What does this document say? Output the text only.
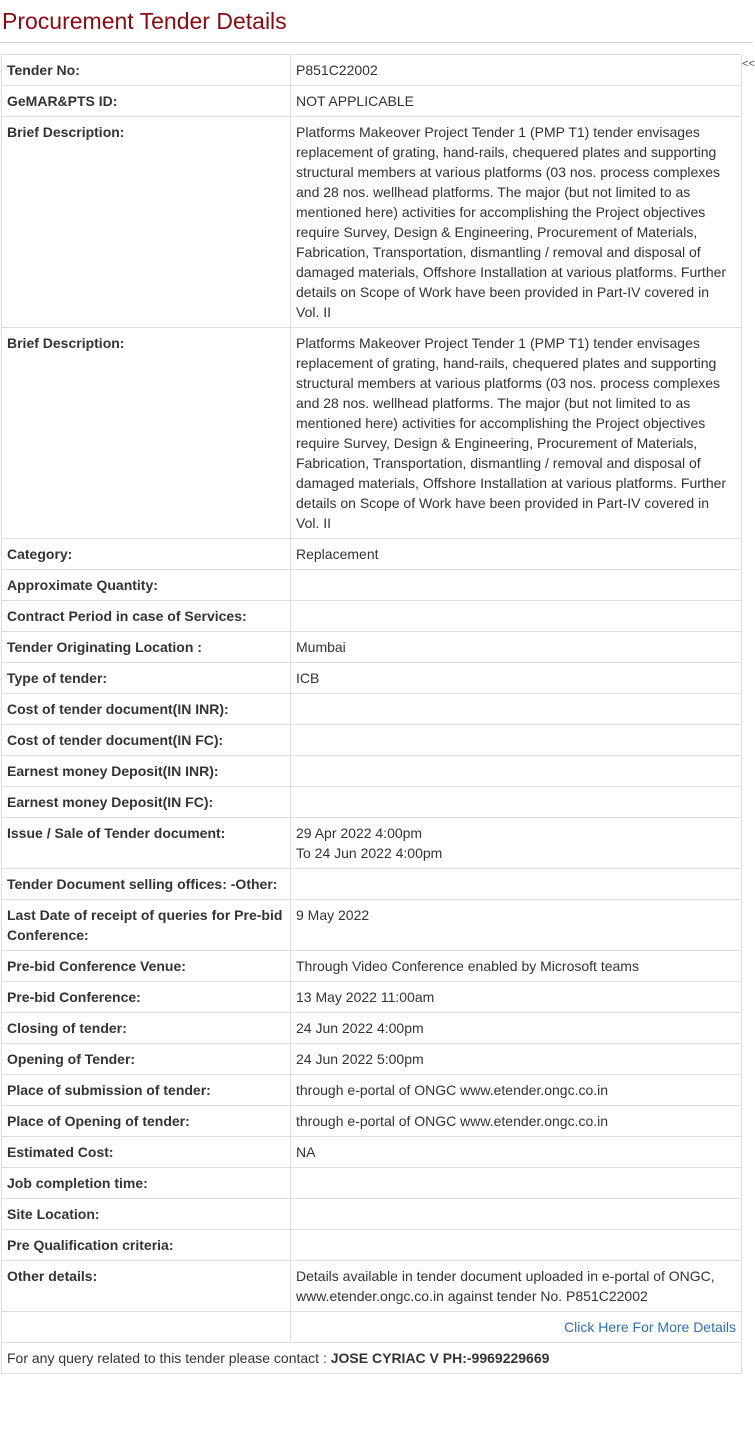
Procurement Tender Details
<<
Tender No:	P851C22002
GeMAR&PTS ID:	NOT APPLICABLE
Brief Description:	Platforms Makeover Project Tender 1 (PMP T1) tender envisages replacement of grating, hand-rails, chequered plates and supporting structural members at various platforms (03 nos. process complexes and 28 nos. wellhead platforms. The major (but not limited to as mentioned here) activities for accomplishing the Project objectives require Survey, Design & Engineering, Procurement of Materials, Fabrication, Transportation, dismantling / removal and disposal of damaged materials, Offshore Installation at various platforms. Further details on Scope of Work have been provided in Part-IV covered in Vol. II
Brief Description:	Platforms Makeover Project Tender 1 (PMP T1) tender envisages replacement of grating, hand-rails, chequered plates and supporting structural members at various platforms (03 nos. process complexes and 28 nos. wellhead platforms. The major (but not limited to as mentioned here) activities for accomplishing the Project objectives require Survey, Design & Engineering, Procurement of Materials, Fabrication, Transportation, dismantling / removal and disposal of damaged materials, Offshore Installation at various platforms. Further details on Scope of Work have been provided in Part-IV covered in Vol. II
Category:	Replacement
Approximate Quantity:	
Contract Period in case of Services:	
Tender Originating Location :	Mumbai
Type of tender:	ICB
Cost of tender document(IN INR):	
Cost of tender document(IN FC):	
Earnest money Deposit(IN INR):	
Earnest money Deposit(IN FC):	
Issue / Sale of Tender document:	29 Apr 2022 4:00pm
To 24 Jun 2022 4:00pm

Tender Document selling offices: -Other:	
Last Date of receipt of queries for Pre-bid Conference:	9 May 2022
Pre-bid Conference Venue:	Through Video Conference enabled by Microsoft teams
Pre-bid Conference:	13 May 2022 11:00am
Closing of tender:	24 Jun 2022 4:00pm
Opening of Tender:	24 Jun 2022 5:00pm
Place of submission of tender:	through e-portal of ONGC www.etender.ongc.co.in
Place of Opening of tender:	through e-portal of ONGC www.etender.ongc.co.in
Estimated Cost:	NA
Job completion time:	
Site Location:	
Pre Qualification criteria:	
Other details:	Details available in tender document uploaded in e-portal of ONGC, www.etender.ongc.co.in against tender No. P851C22002
	Click Here For More Details
For any query related to this tender please contact : JOSE CYRIAC V PH:-9969229669	
